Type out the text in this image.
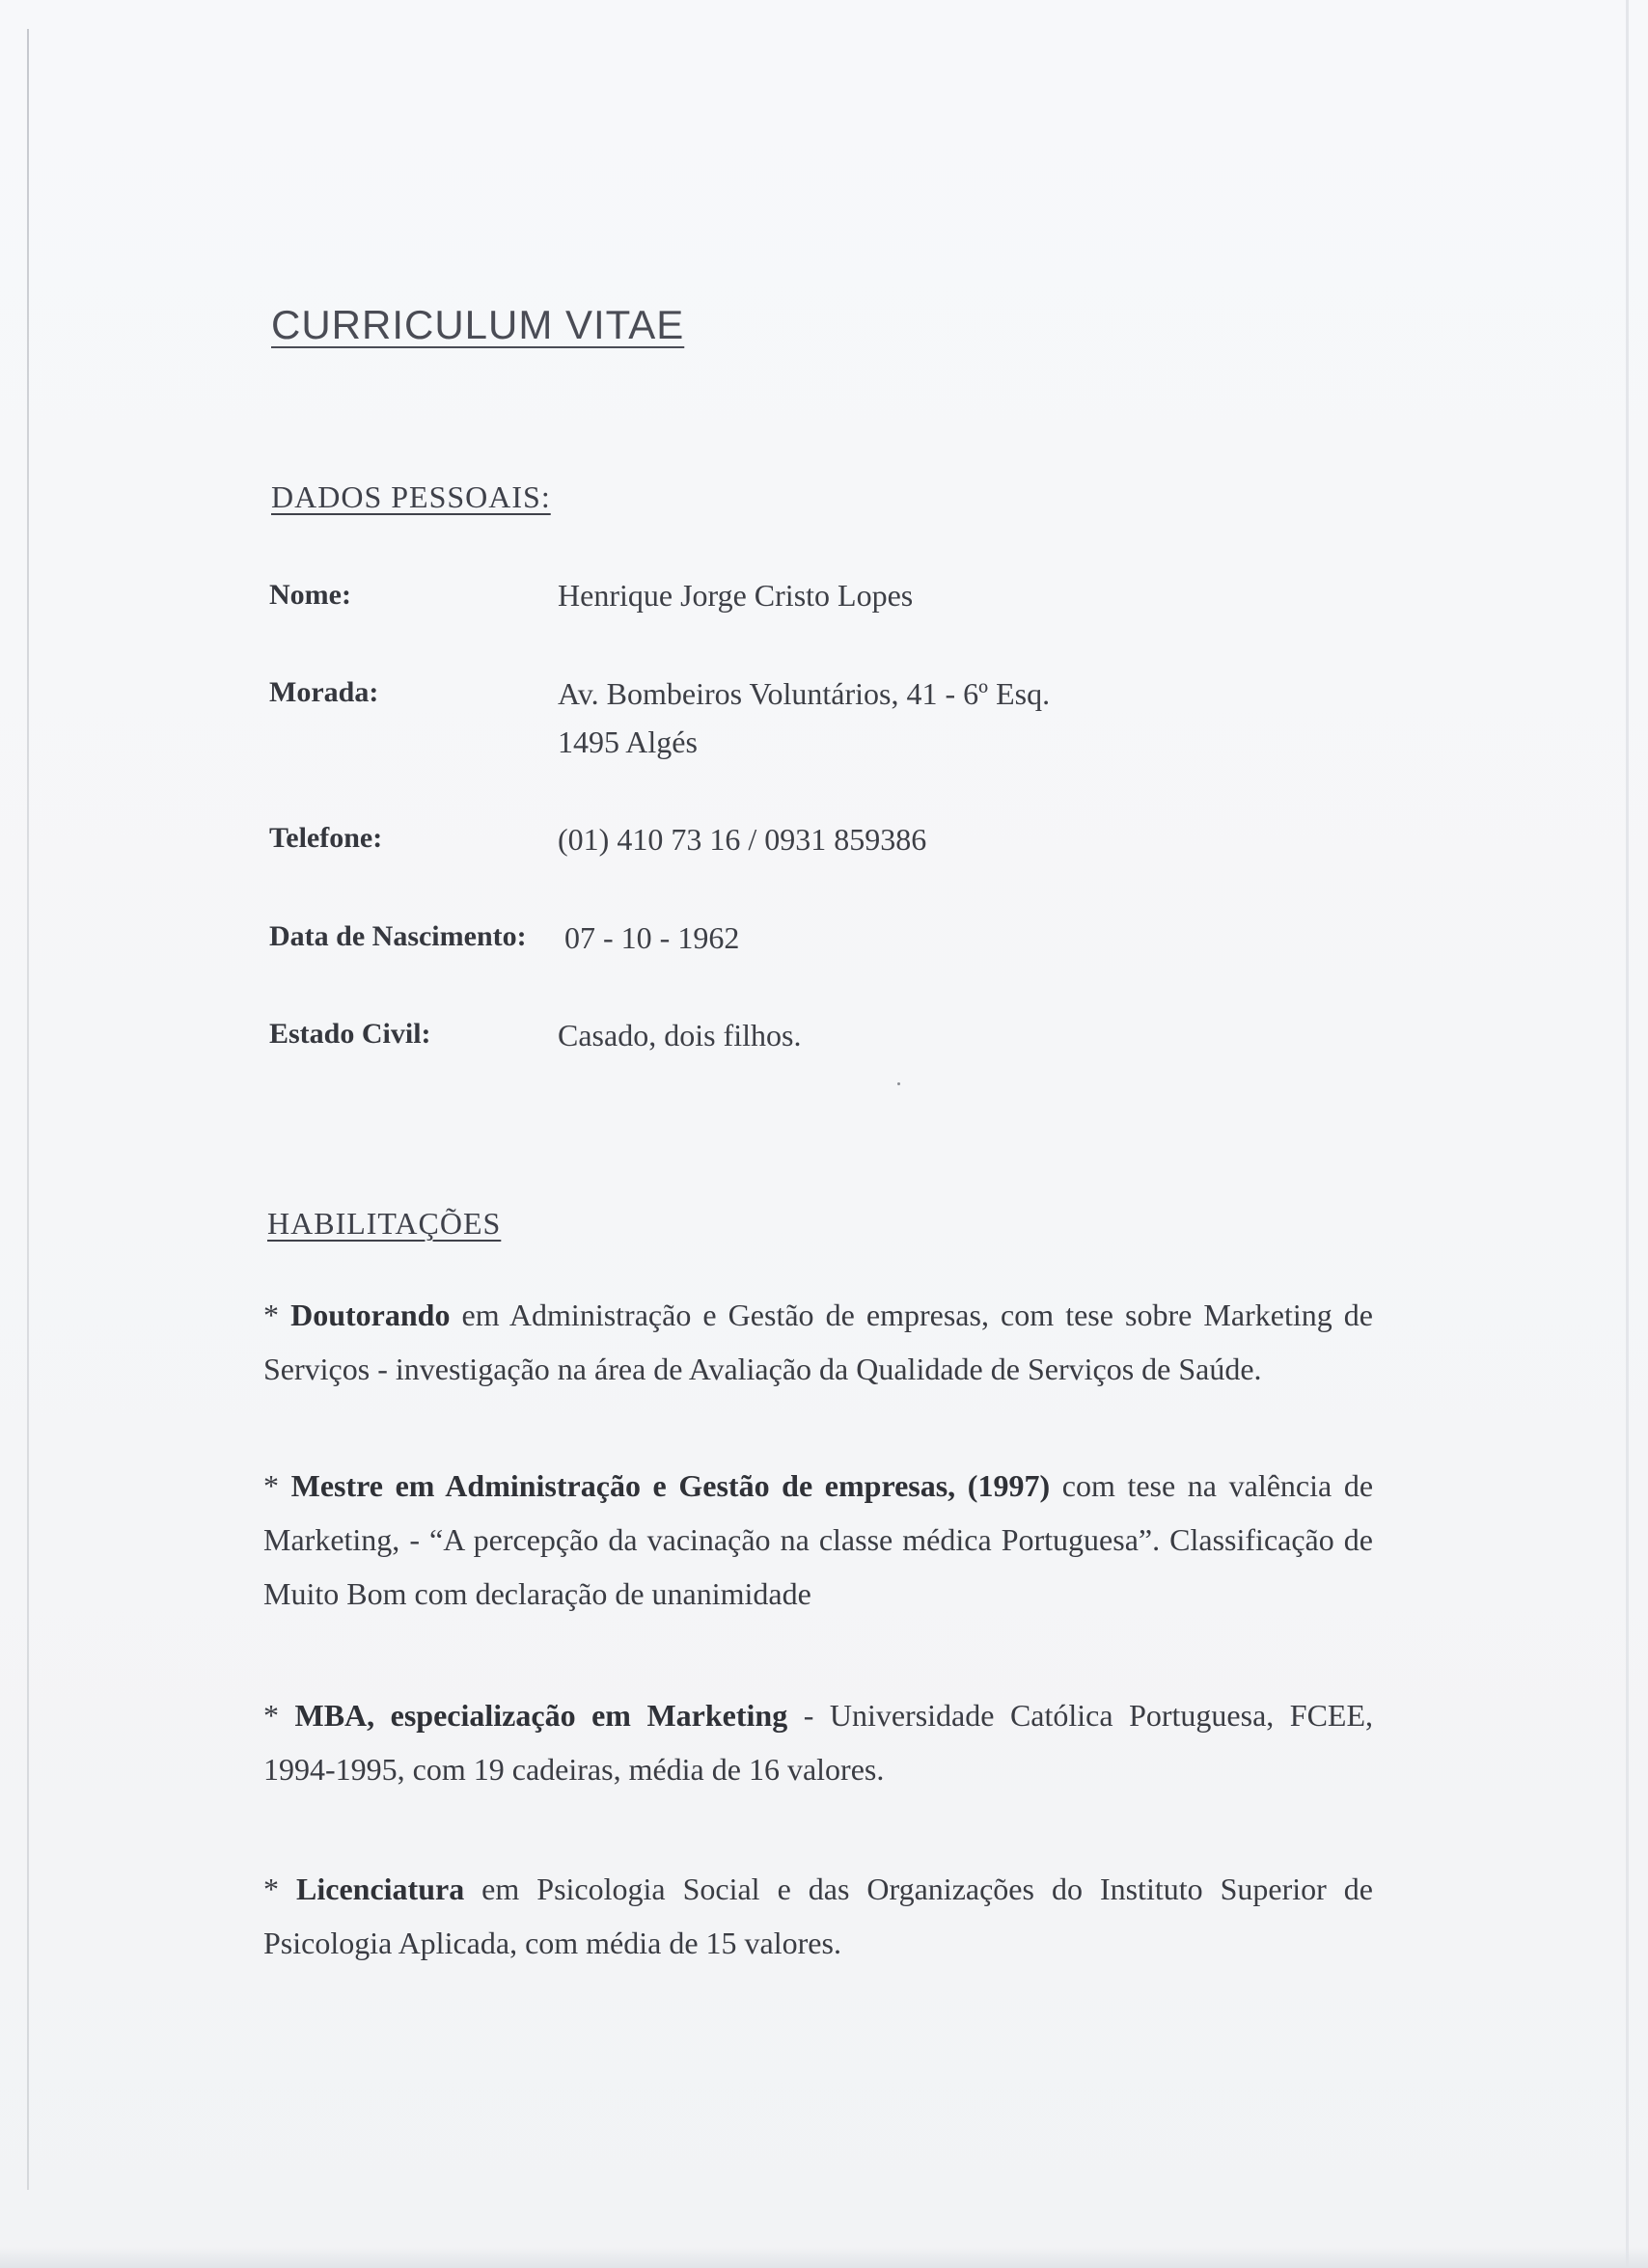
CURRICULUM VITAE
DADOS PESSOAIS:
Nome:	Henrique Jorge Cristo Lopes
Morada:	Av. Bombeiros Voluntários, 41 - 6º Esq.
1495 Algés
Telefone:	(01) 410 73 16 / 0931 859386
Data de Nascimento: 07 - 10 - 1962
Estado Civil:	Casado, dois filhos.
HABILITAÇÕES
* Doutorando em Administração e Gestão de empresas, com tese sobre Marketing de Serviços - investigação na área de Avaliação da Qualidade de Serviços de Saúde.
* Mestre em Administração e Gestão de empresas, (1997) com tese na valência de Marketing, - “A percepção da vacinação na classe médica Portuguesa”. Classificação de Muito Bom com declaração de unanimidade
* MBA, especialização em Marketing - Universidade Católica Portuguesa, FCEE, 1994-1995, com 19 cadeiras, média de 16 valores.
* Licenciatura em Psicologia Social e das Organizações do Instituto Superior de Psicologia Aplicada, com média de 15 valores.
